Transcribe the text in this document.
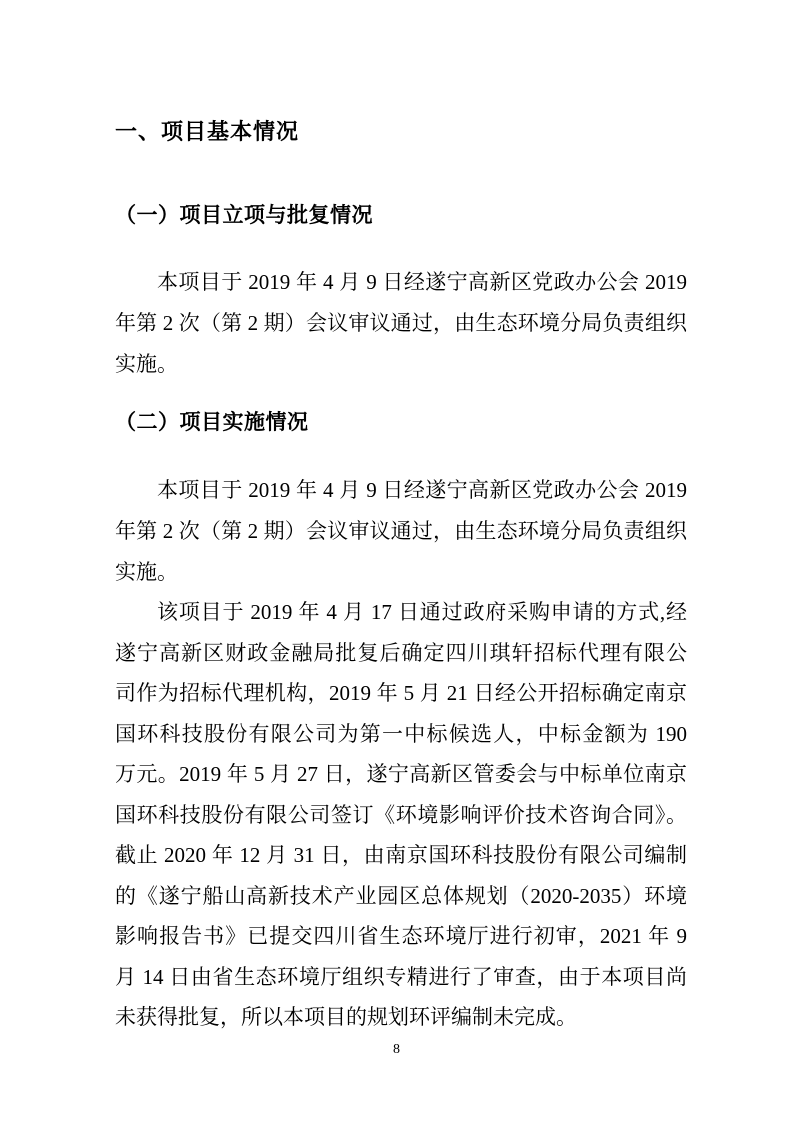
一、项目基本情况
（一）项目立项与批复情况
本项目于 2019 年 4 月 9 日经遂宁高新区党政办公会 2019
年第 2 次（第 2 期）会议审议通过，由生态环境分局负责组织
实施。
（二）项目实施情况
本项目于 2019 年 4 月 9 日经遂宁高新区党政办公会 2019
年第 2 次（第 2 期）会议审议通过，由生态环境分局负责组织
实施。
该项目于 2019 年 4 月 17 日通过政府采购申请的方式,经
遂宁高新区财政金融局批复后确定四川琪轩招标代理有限公
司作为招标代理机构，2019 年 5 月 21 日经公开招标确定南京
国环科技股份有限公司为第一中标候选人，中标金额为 190
万元。2019 年 5 月 27 日，遂宁高新区管委会与中标单位南京
国环科技股份有限公司签订《环境影响评价技术咨询合同》。
截止 2020 年 12 月 31 日，由南京国环科技股份有限公司编制
的《遂宁船山高新技术产业园区总体规划（2020-2035）环境
影响报告书》已提交四川省生态环境厅进行初审，2021 年 9
月 14 日由省生态环境厅组织专精进行了审查，由于本项目尚
未获得批复，所以本项目的规划环评编制未完成。
8
